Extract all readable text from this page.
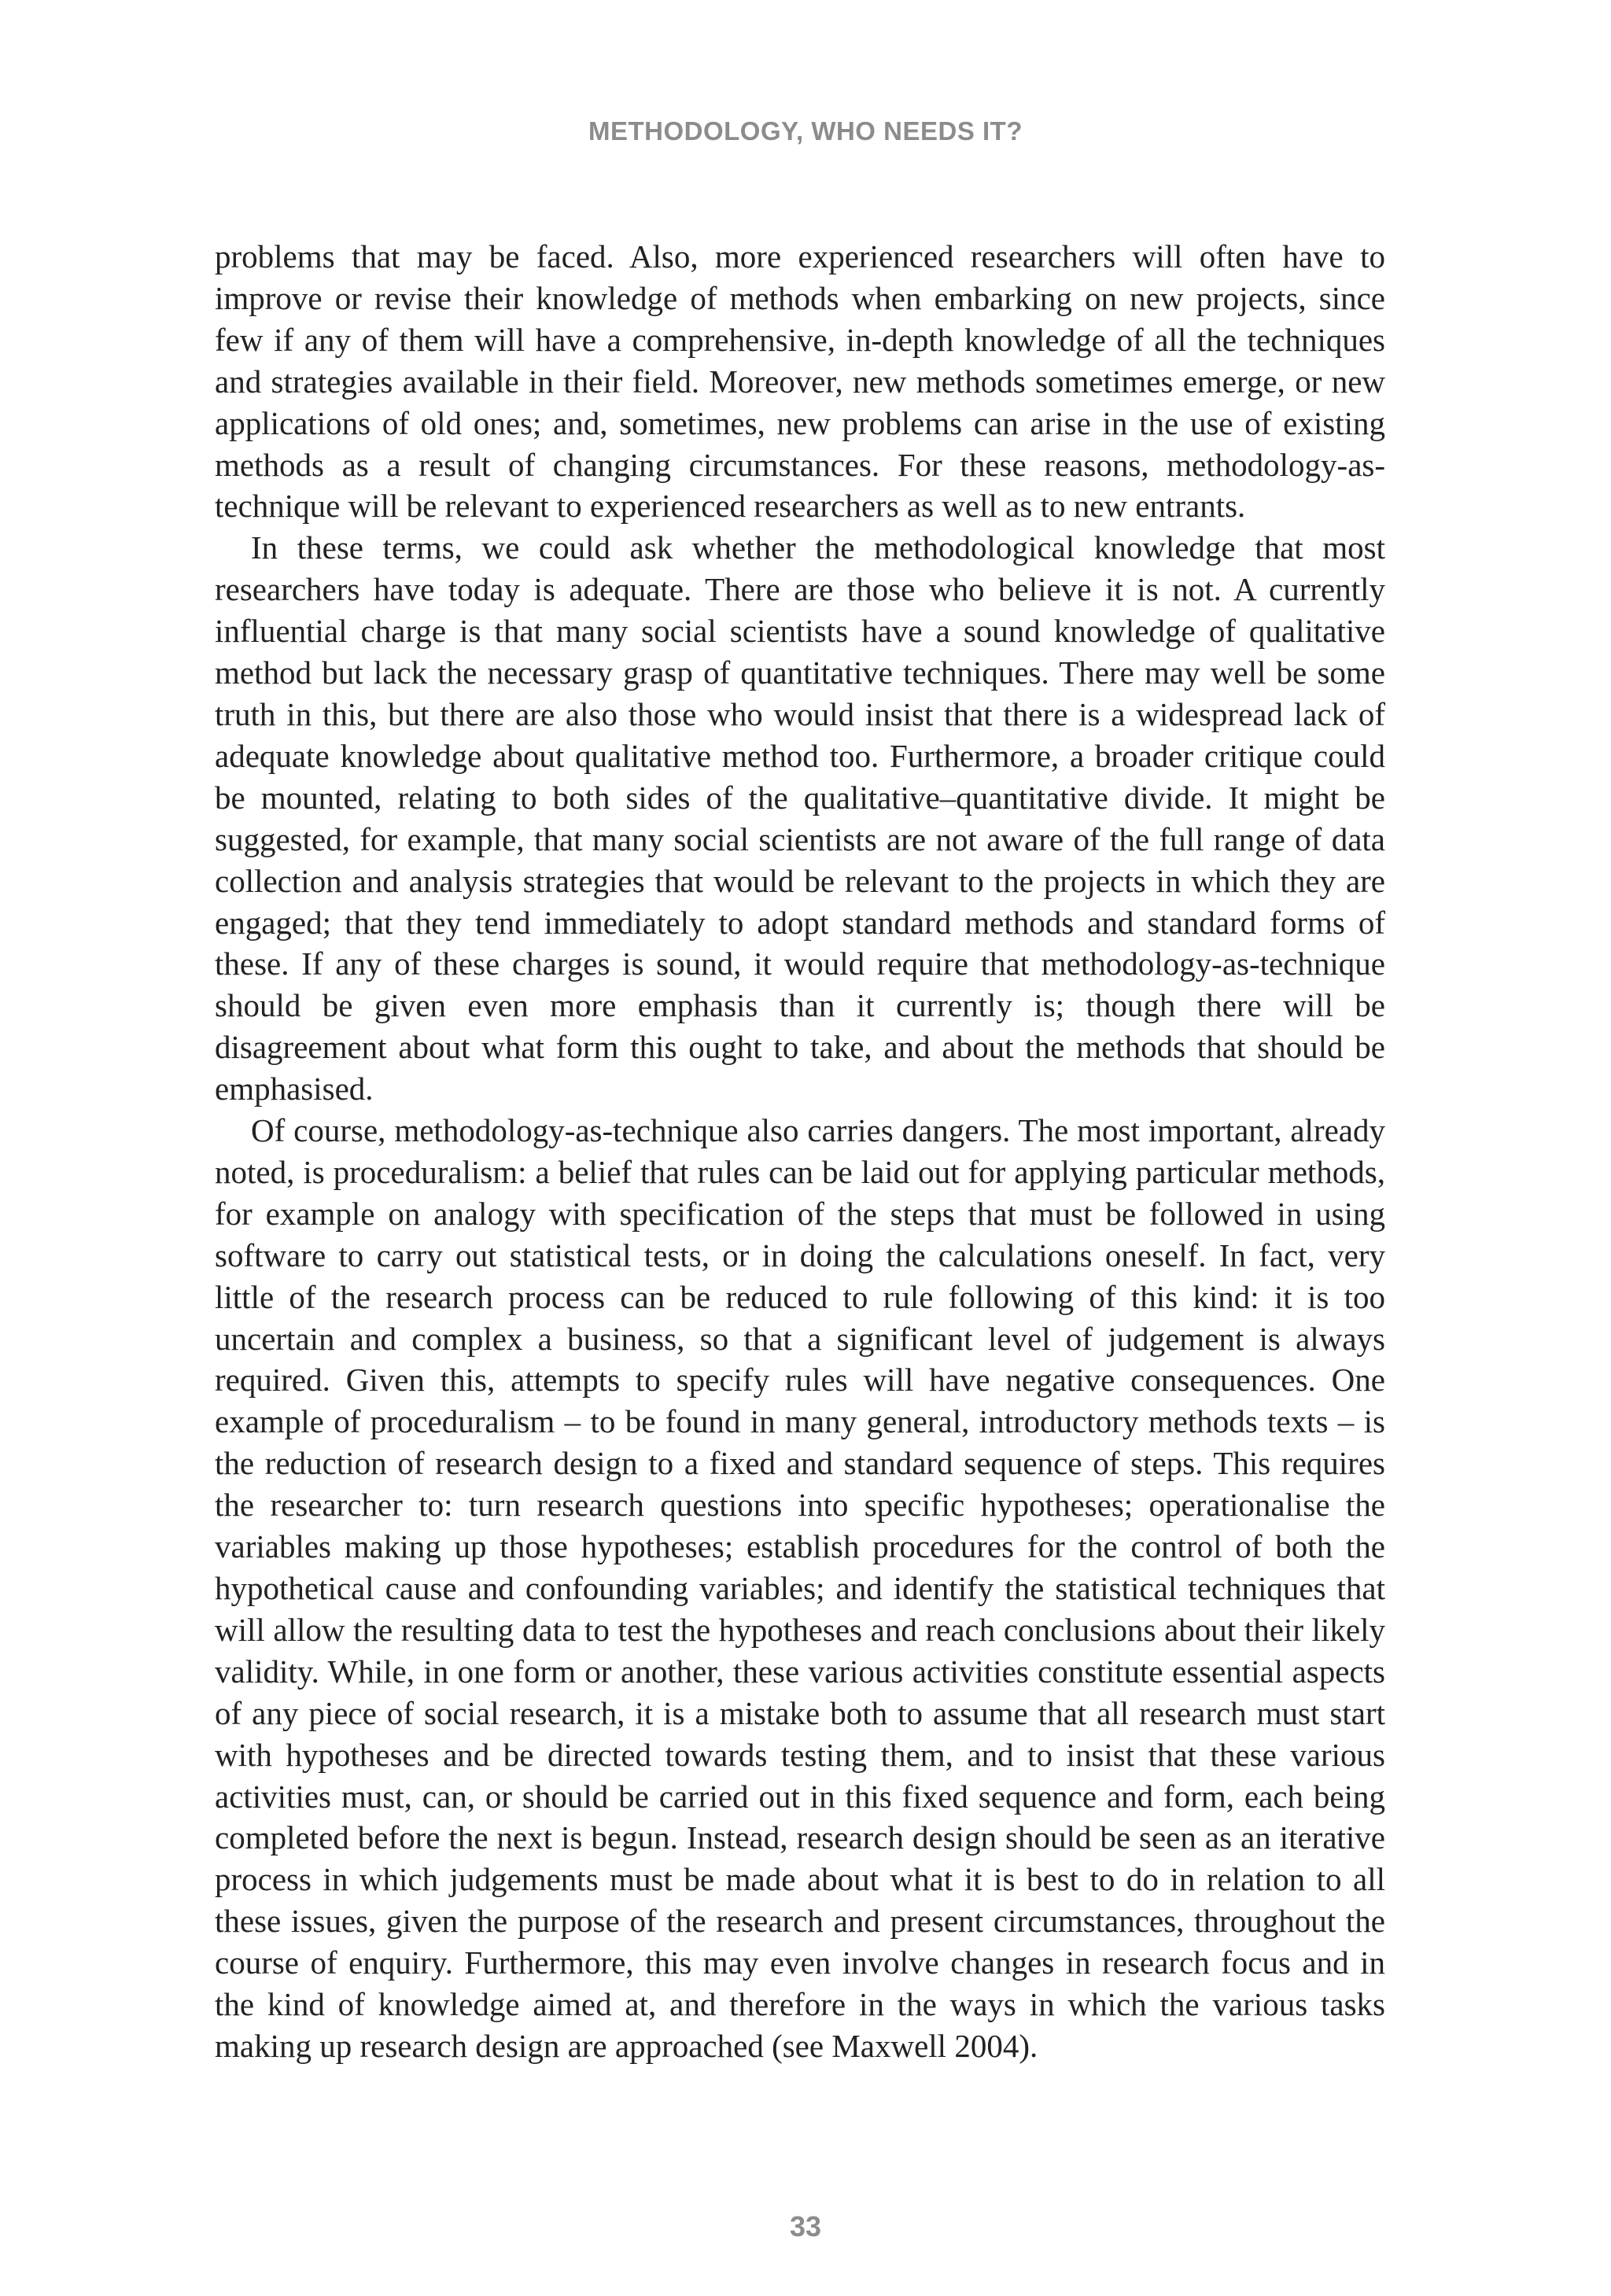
METHODOLOGY, WHO NEEDS IT?

problems that may be faced. Also, more experienced researchers will often have to improve or revise their knowledge of methods when embarking on new projects, since few if any of them will have a comprehensive, in-depth knowledge of all the techniques and strategies available in their field. Moreover, new methods sometimes emerge, or new applications of old ones; and, sometimes, new problems can arise in the use of existing methods as a result of changing circumstances. For these reasons, methodology-as-technique will be relevant to experienced researchers as well as to new entrants.

In these terms, we could ask whether the methodological knowledge that most researchers have today is adequate. There are those who believe it is not. A currently influential charge is that many social scientists have a sound knowledge of qualitative method but lack the necessary grasp of quantitative techniques. There may well be some truth in this, but there are also those who would insist that there is a widespread lack of adequate knowledge about qualitative method too. Furthermore, a broader critique could be mounted, relating to both sides of the qualitative–quantitative divide. It might be suggested, for example, that many social scientists are not aware of the full range of data collection and analysis strategies that would be relevant to the projects in which they are engaged; that they tend immediately to adopt standard methods and standard forms of these. If any of these charges is sound, it would require that methodology-as-technique should be given even more emphasis than it currently is; though there will be disagreement about what form this ought to take, and about the methods that should be emphasised.

Of course, methodology-as-technique also carries dangers. The most important, already noted, is proceduralism: a belief that rules can be laid out for applying particular methods, for example on analogy with specification of the steps that must be followed in using software to carry out statistical tests, or in doing the calculations oneself. In fact, very little of the research process can be reduced to rule following of this kind: it is too uncertain and complex a business, so that a significant level of judgement is always required. Given this, attempts to specify rules will have negative consequences. One example of proceduralism – to be found in many general, introductory methods texts – is the reduction of research design to a fixed and standard sequence of steps. This requires the researcher to: turn research questions into specific hypotheses; operationalise the variables making up those hypotheses; establish procedures for the control of both the hypothetical cause and confounding variables; and identify the statistical techniques that will allow the resulting data to test the hypotheses and reach conclusions about their likely validity. While, in one form or another, these various activities constitute essential aspects of any piece of social research, it is a mistake both to assume that all research must start with hypotheses and be directed towards testing them, and to insist that these various activities must, can, or should be carried out in this fixed sequence and form, each being completed before the next is begun. Instead, research design should be seen as an iterative process in which judgements must be made about what it is best to do in relation to all these issues, given the purpose of the research and present circumstances, throughout the course of enquiry. Furthermore, this may even involve changes in research focus and in the kind of knowledge aimed at, and therefore in the ways in which the various tasks making up research design are approached (see Maxwell 2004).

33
